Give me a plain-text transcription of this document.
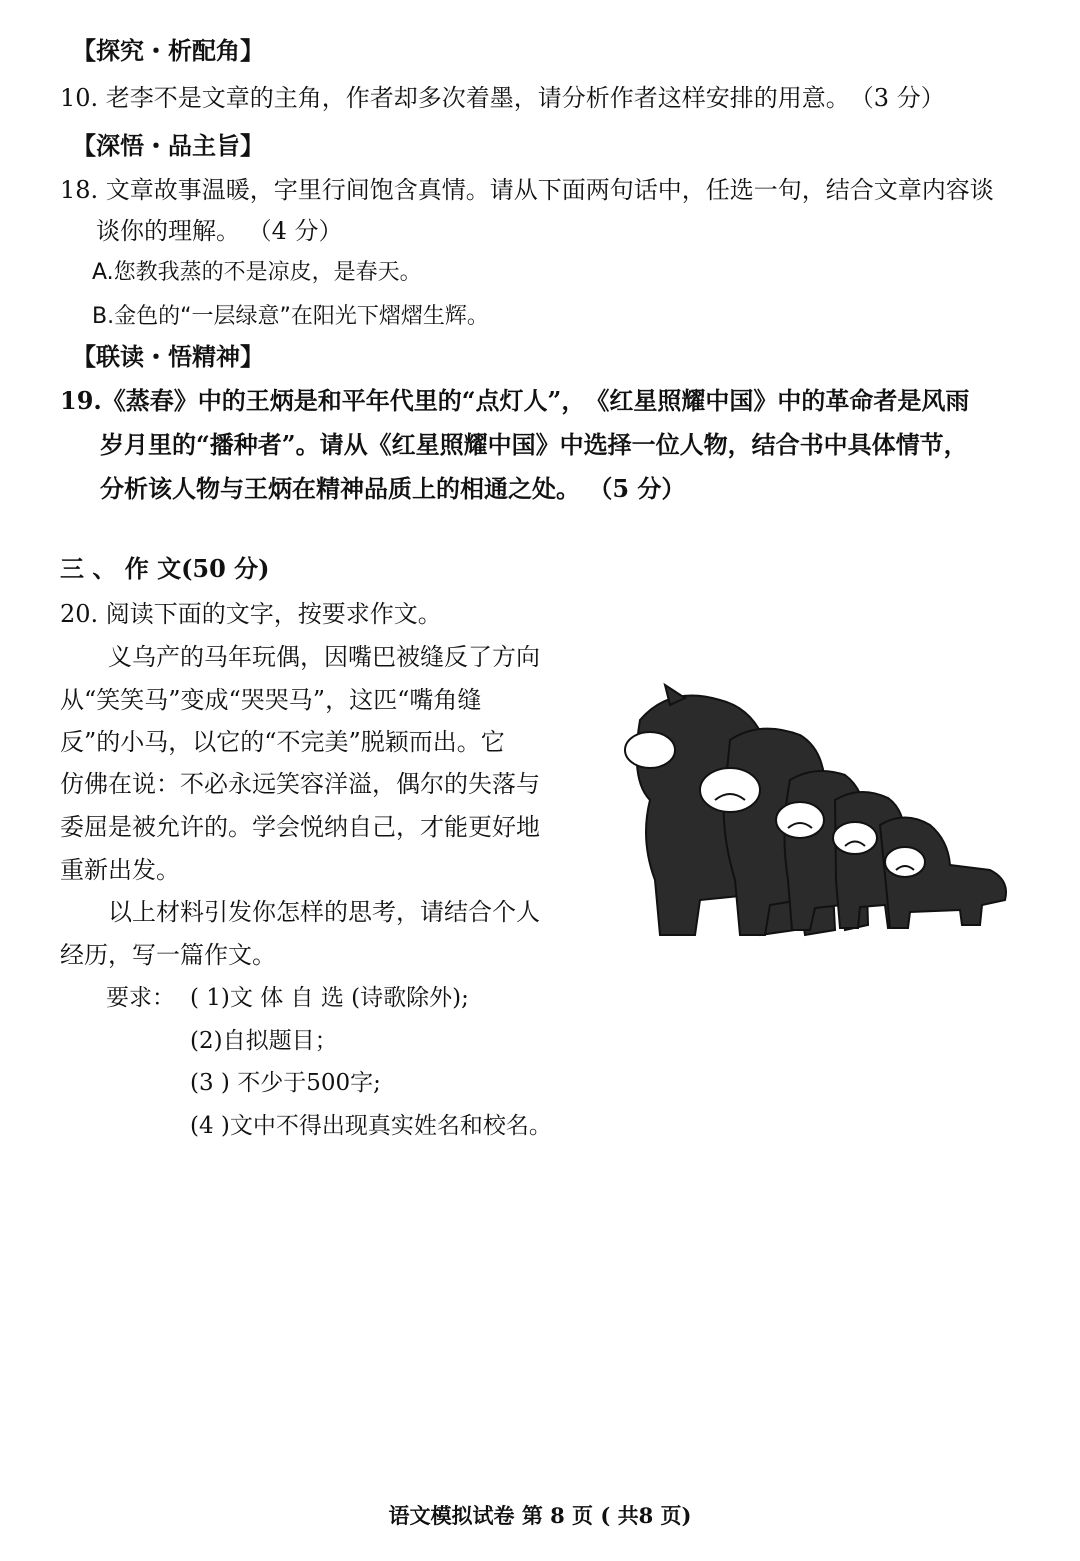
【探究・析配角】
10. 老李不是文章的主角，作者却多次着墨，请分析作者这样安排的用意。　（3 分）
【深悟・品主旨】
18. 文章故事温暖，字里行间饱含真情。请从下面两句话中，任选一句，结合文章内容谈
谈你的理解。 （4 分）
A.您教我蒸的不是凉皮，是春天。
B.金色的“一层绿意”在阳光下熠熠生辉。
【联读・悟精神】
19.《蒸春》中的王炳是和平年代里的“点灯人”，　《红星照耀中国》中的革命者是风雨
岁月里的“播种者”。请从《红星照耀中国》中选择一位人物，结合书中具体情节，
分析该人物与王炳在精神品质上的相通之处。 （5 分）
三 、 作 文(50 分)
20. 阅读下面的文字，按要求作文。
义乌产的马年玩偶，因嘴巴被缝反了方向
从“笑笑马”变成“哭哭马”，这匹“嘴角缝
反”的小马，以它的“不完美”脱颖而出。它
仿佛在说：不必永远笑容洋溢，偶尔的失落与
委屈是被允许的。学会悦纳自己，才能更好地
重新出发。
以上材料引发你怎样的思考，请结合个人
经历，写一篇作文。
要求： ( 1)文 体 自 选 (诗歌除外);
(2)自拟题目；
(3 ) 不少于500字;
(4 )文中不得出现真实姓名和校名。
语文模拟试卷 第 8 页 ( 共8 页)
